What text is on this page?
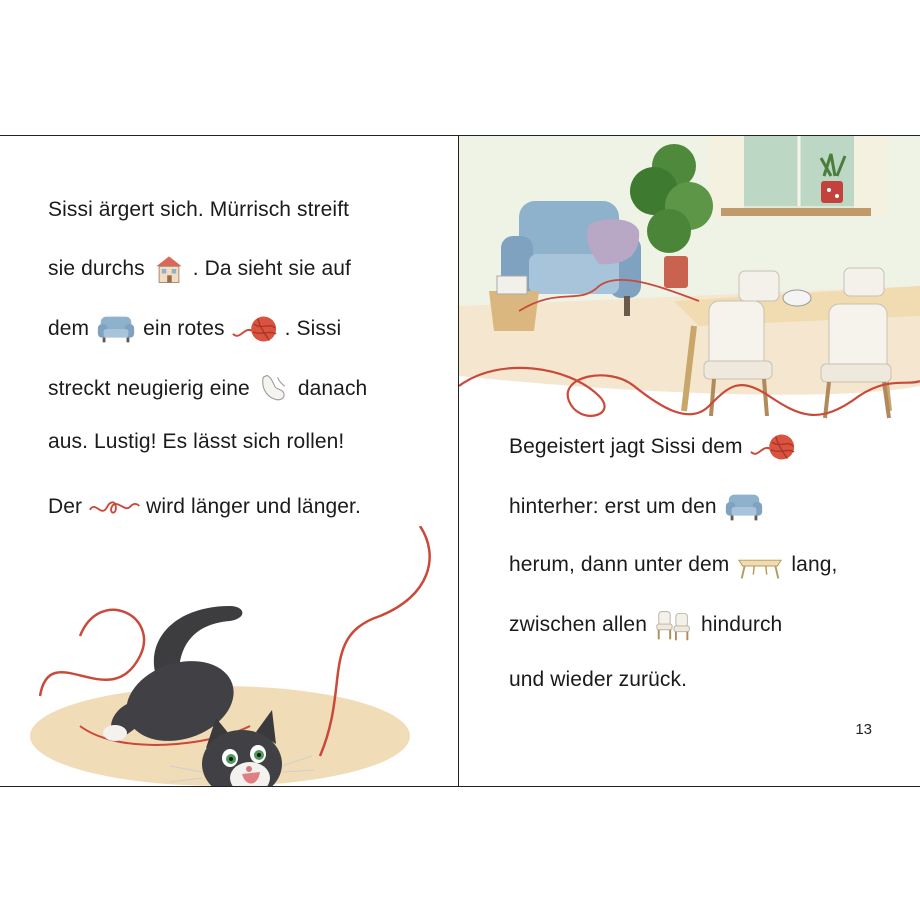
Sissi ärgert sich. Mürrisch streift
sie durchs . Da sieht sie auf
dem	ein rotes	. Sissi
streckt neugierig eine danach
aus. Lustig! Es lässt sich rollen!
Der	wird länger und länger.
Begeistert jagt Sissi dem
hinterher: erst um den
herum, dann unter dem	lang,
zwischen allen	hindurch
und wieder zurück.
13
